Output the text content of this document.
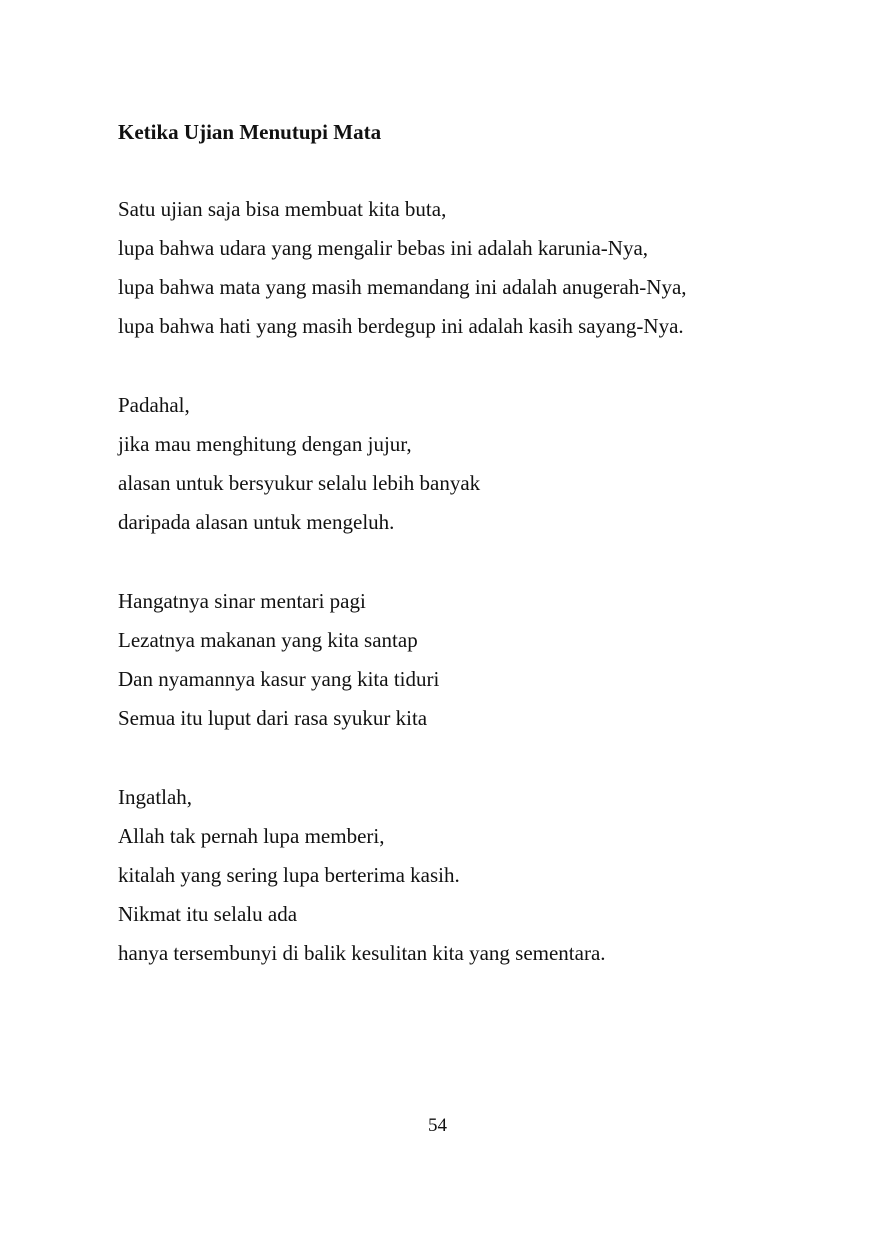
Ketika Ujian Menutupi Mata
Satu ujian saja bisa membuat kita buta,
lupa bahwa udara yang mengalir bebas ini adalah karunia-Nya,
lupa bahwa mata yang masih memandang ini adalah anugerah-Nya,
lupa bahwa hati yang masih berdegup ini adalah kasih sayang-Nya.
Padahal,
jika mau menghitung dengan jujur,
alasan untuk bersyukur selalu lebih banyak
daripada alasan untuk mengeluh.
Hangatnya sinar mentari pagi
Lezatnya makanan yang kita santap
Dan nyamannya kasur yang kita tiduri
Semua itu luput dari rasa syukur kita
Ingatlah,
Allah tak pernah lupa memberi,
kitalah yang sering lupa berterima kasih.
Nikmat itu selalu ada
hanya tersembunyi di balik kesulitan kita yang sementara.
54
